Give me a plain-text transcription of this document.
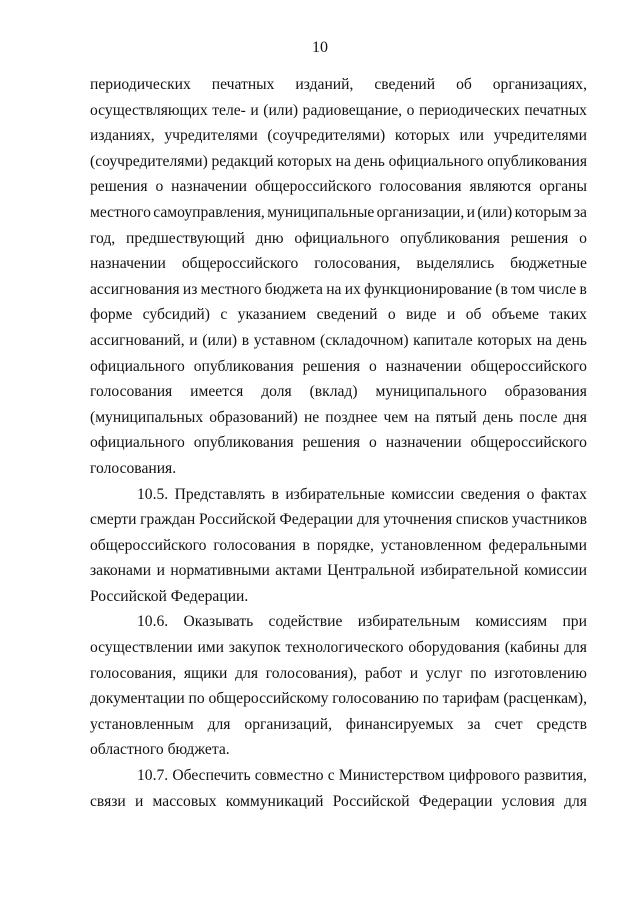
10
периодических печатных изданий, сведений об организациях,
осуществляющих теле- и (или) радиовещание, о периодических печатных
изданиях, учредителями (соучредителями) которых или учредителями
(соучредителями) редакций которых на день официального опубликования
решения о назначении общероссийского голосования являются органы
местного самоуправления, муниципальные организации, и (или) которым за
год, предшествующий дню официального опубликования решения о
назначении общероссийского голосования, выделялись бюджетные
ассигнования из местного бюджета на их функционирование (в том числе в
форме субсидий) с указанием сведений о виде и об объеме таких
ассигнований, и (или) в уставном (складочном) капитале которых на день
официального опубликования решения о назначении общероссийского
голосования имеется доля (вклад) муниципального образования
(муниципальных образований) не позднее чем на пятый день после дня
официального опубликования решения о назначении общероссийского
голосования.
10.5. Представлять в избирательные комиссии сведения о фактах
смерти граждан Российской Федерации для уточнения списков участников
общероссийского голосования в порядке, установленном федеральными
законами и нормативными актами Центральной избирательной комиссии
Российской Федерации.
10.6. Оказывать содействие избирательным комиссиям при
осуществлении ими закупок технологического оборудования (кабины для
голосования, ящики для голосования), работ и услуг по изготовлению
документации по общероссийскому голосованию по тарифам (расценкам),
установленным для организаций, финансируемых за счет средств
областного бюджета.
10.7. Обеспечить совместно с Министерством цифрового развития,
связи и массовых коммуникаций Российской Федерации условия для
